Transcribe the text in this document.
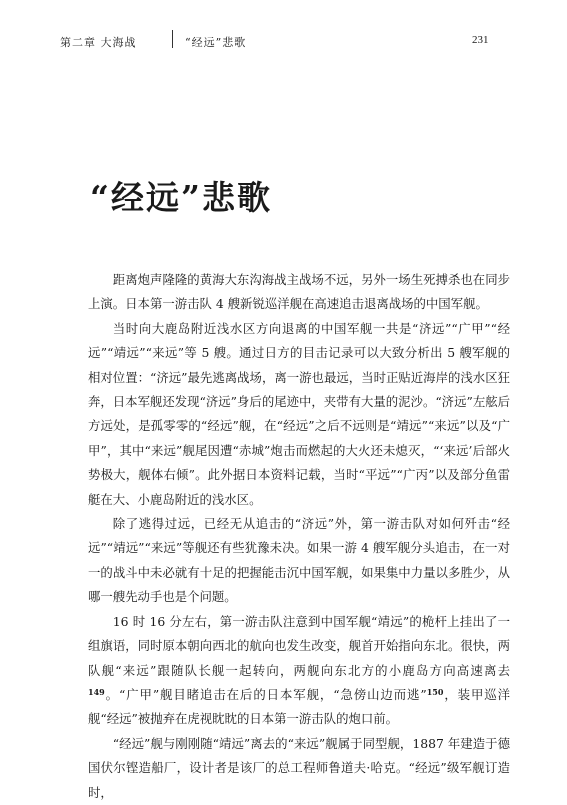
第二章 大海战	“经远”悲歌	231
“经远”悲歌

距离炮声隆隆的黄海大东沟海战主战场不远，另外一场生死搏杀也在同步上演。日本第一游击队 4 艘新锐巡洋舰在高速追击退离战场的中国军舰。

当时向大鹿岛附近浅水区方向退离的中国军舰一共是“济远”“广甲”“经远”“靖远”“来远”等 5 艘。通过日方的目击记录可以大致分析出 5 艘军舰的相对位置：“济远”最先逃离战场，离一游也最远，当时正贴近海岸的浅水区狂奔，日本军舰还发现“济远”身后的尾迹中，夹带有大量的泥沙。“济远”左舷后方远处，是孤零零的“经远”舰，在“经远”之后不远则是“靖远”“来远”以及“广甲”，其中“来远”舰尾因遭“赤城”炮击而燃起的大火还未熄灭，“‘来远’后部火势极大，舰体右倾”。此外据日本资料记载，当时“平远”“广丙”以及部分鱼雷艇在大、小鹿岛附近的浅水区。

除了逃得过远，已经无从追击的“济远”外，第一游击队对如何歼击“经远”“靖远”“来远”等舰还有些犹豫未决。如果一游 4 艘军舰分头追击，在一对一的战斗中未必就有十足的把握能击沉中国军舰，如果集中力量以多胜少，从哪一艘先动手也是个问题。

16 时 16 分左右，第一游击队注意到中国军舰“靖远”的桅杆上挂出了一组旗语，同时原本朝向西北的航向也发生改变，舰首开始指向东北。很快，两队舰“来远”跟随队长舰一起转向，两舰向东北方的小鹿岛方向高速离去$^{149}$。“广甲”舰目睹追击在后的日本军舰，“急傍山边而逃”$^{150}$，装甲巡洋舰“经远”被抛弃在虎视眈眈的日本第一游击队的炮口前。

“经远”舰与刚刚随“靖远”离去的“来远”舰属于同型舰，1887 年建造于德国伏尔铿造船厂，设计者是该厂的总工程师鲁道夫·哈克。“经远”级军舰订造时，
